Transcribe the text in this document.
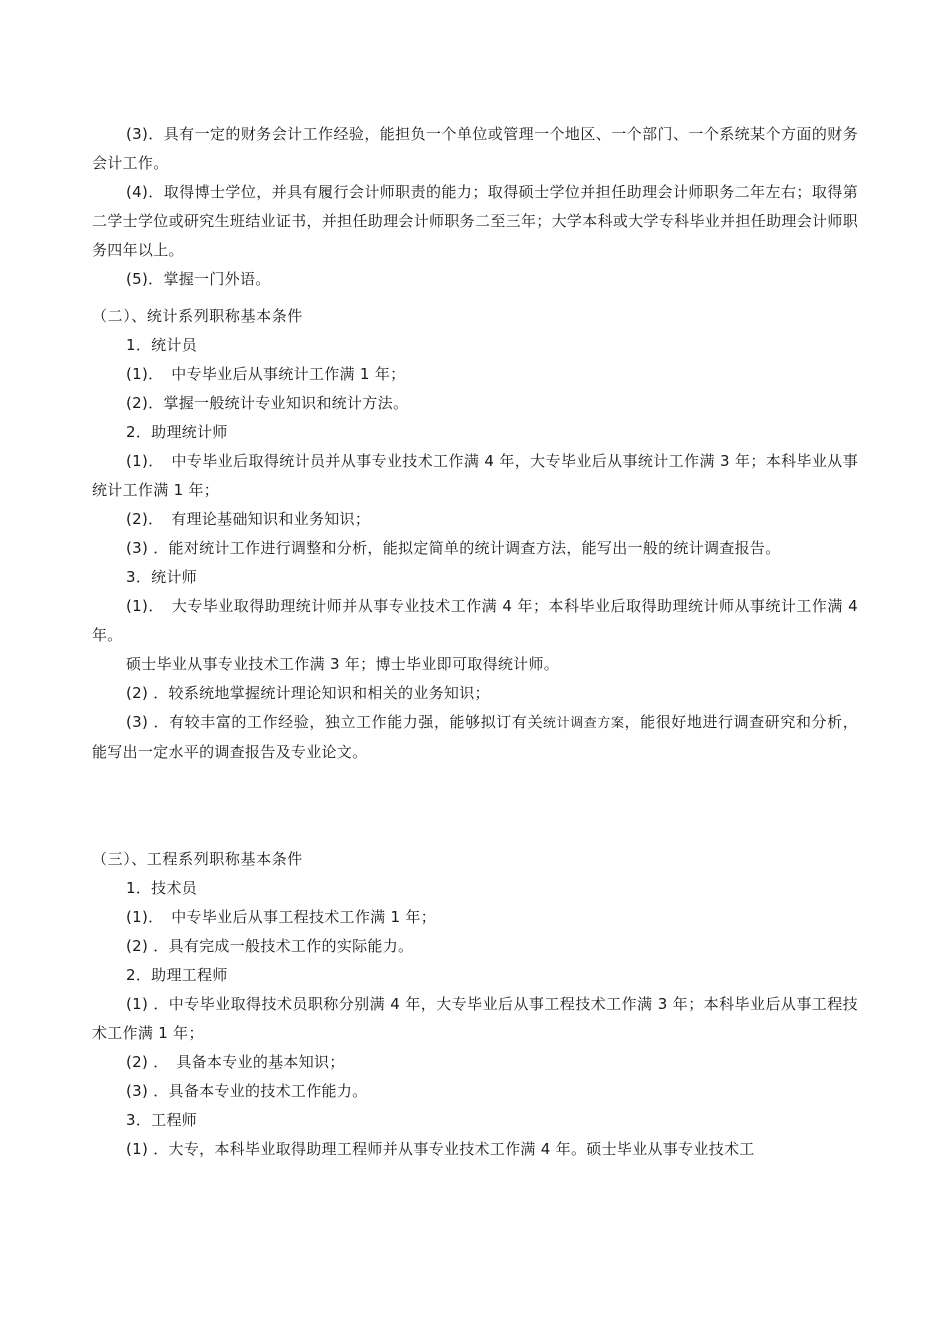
(3)．具有一定的财务会计工作经验，能担负一个单位或管理一个地区、一个部门、一个系统某个方面的财务会计工作。

(4)．取得博士学位，并具有履行会计师职责的能力；取得硕士学位并担任助理会计师职务二年左右；取得第二学士学位或研究生班结业证书，并担任助理会计师职务二至三年；大学本科或大学专科毕业并担任助理会计师职务四年以上。

(5)．掌握一门外语。

（二）、统计系列职称基本条件

1．统计员

(1)．　中专毕业后从事统计工作满 1 年；

(2)．掌握一般统计专业知识和统计方法。

2．助理统计师

(1)．　中专毕业后取得统计员并从事专业技术工作满 4 年，大专毕业后从事统计工作满 3 年；本科毕业从事统计工作满 1 年；

(2)．　有理论基础知识和业务知识；

(3) ．能对统计工作进行调整和分析，能拟定简单的统计调查方法，能写出一般的统计调查报告。

3．统计师

(1)．　大专毕业取得助理统计师并从事专业技术工作满 4 年；本科毕业后取得助理统计师从事统计工作满 4 年。

硕士毕业从事专业技术工作满 3 年；博士毕业即可取得统计师。

(2) ．较系统地掌握统计理论知识和相关的业务知识；

(3) ．有较丰富的工作经验，独立工作能力强，能够拟订有关统计调查方案，能很好地进行调查研究和分析，能写出一定水平的调查报告及专业论文。

（三）、工程系列职称基本条件

1．技术员

(1)．　中专毕业后从事工程技术工作满 1 年；

(2) ．具有完成一般技术工作的实际能力。

2．助理工程师

(1) ．中专毕业取得技术员职称分别满 4 年，大专毕业后从事工程技术工作满 3 年；本科毕业后从事工程技术工作满 1 年；

(2) ．　具备本专业的基本知识；

(3) ．具备本专业的技术工作能力。

3．工程师

(1) ．大专，本科毕业取得助理工程师并从事专业技术工作满 4 年。硕士毕业从事专业技术工
